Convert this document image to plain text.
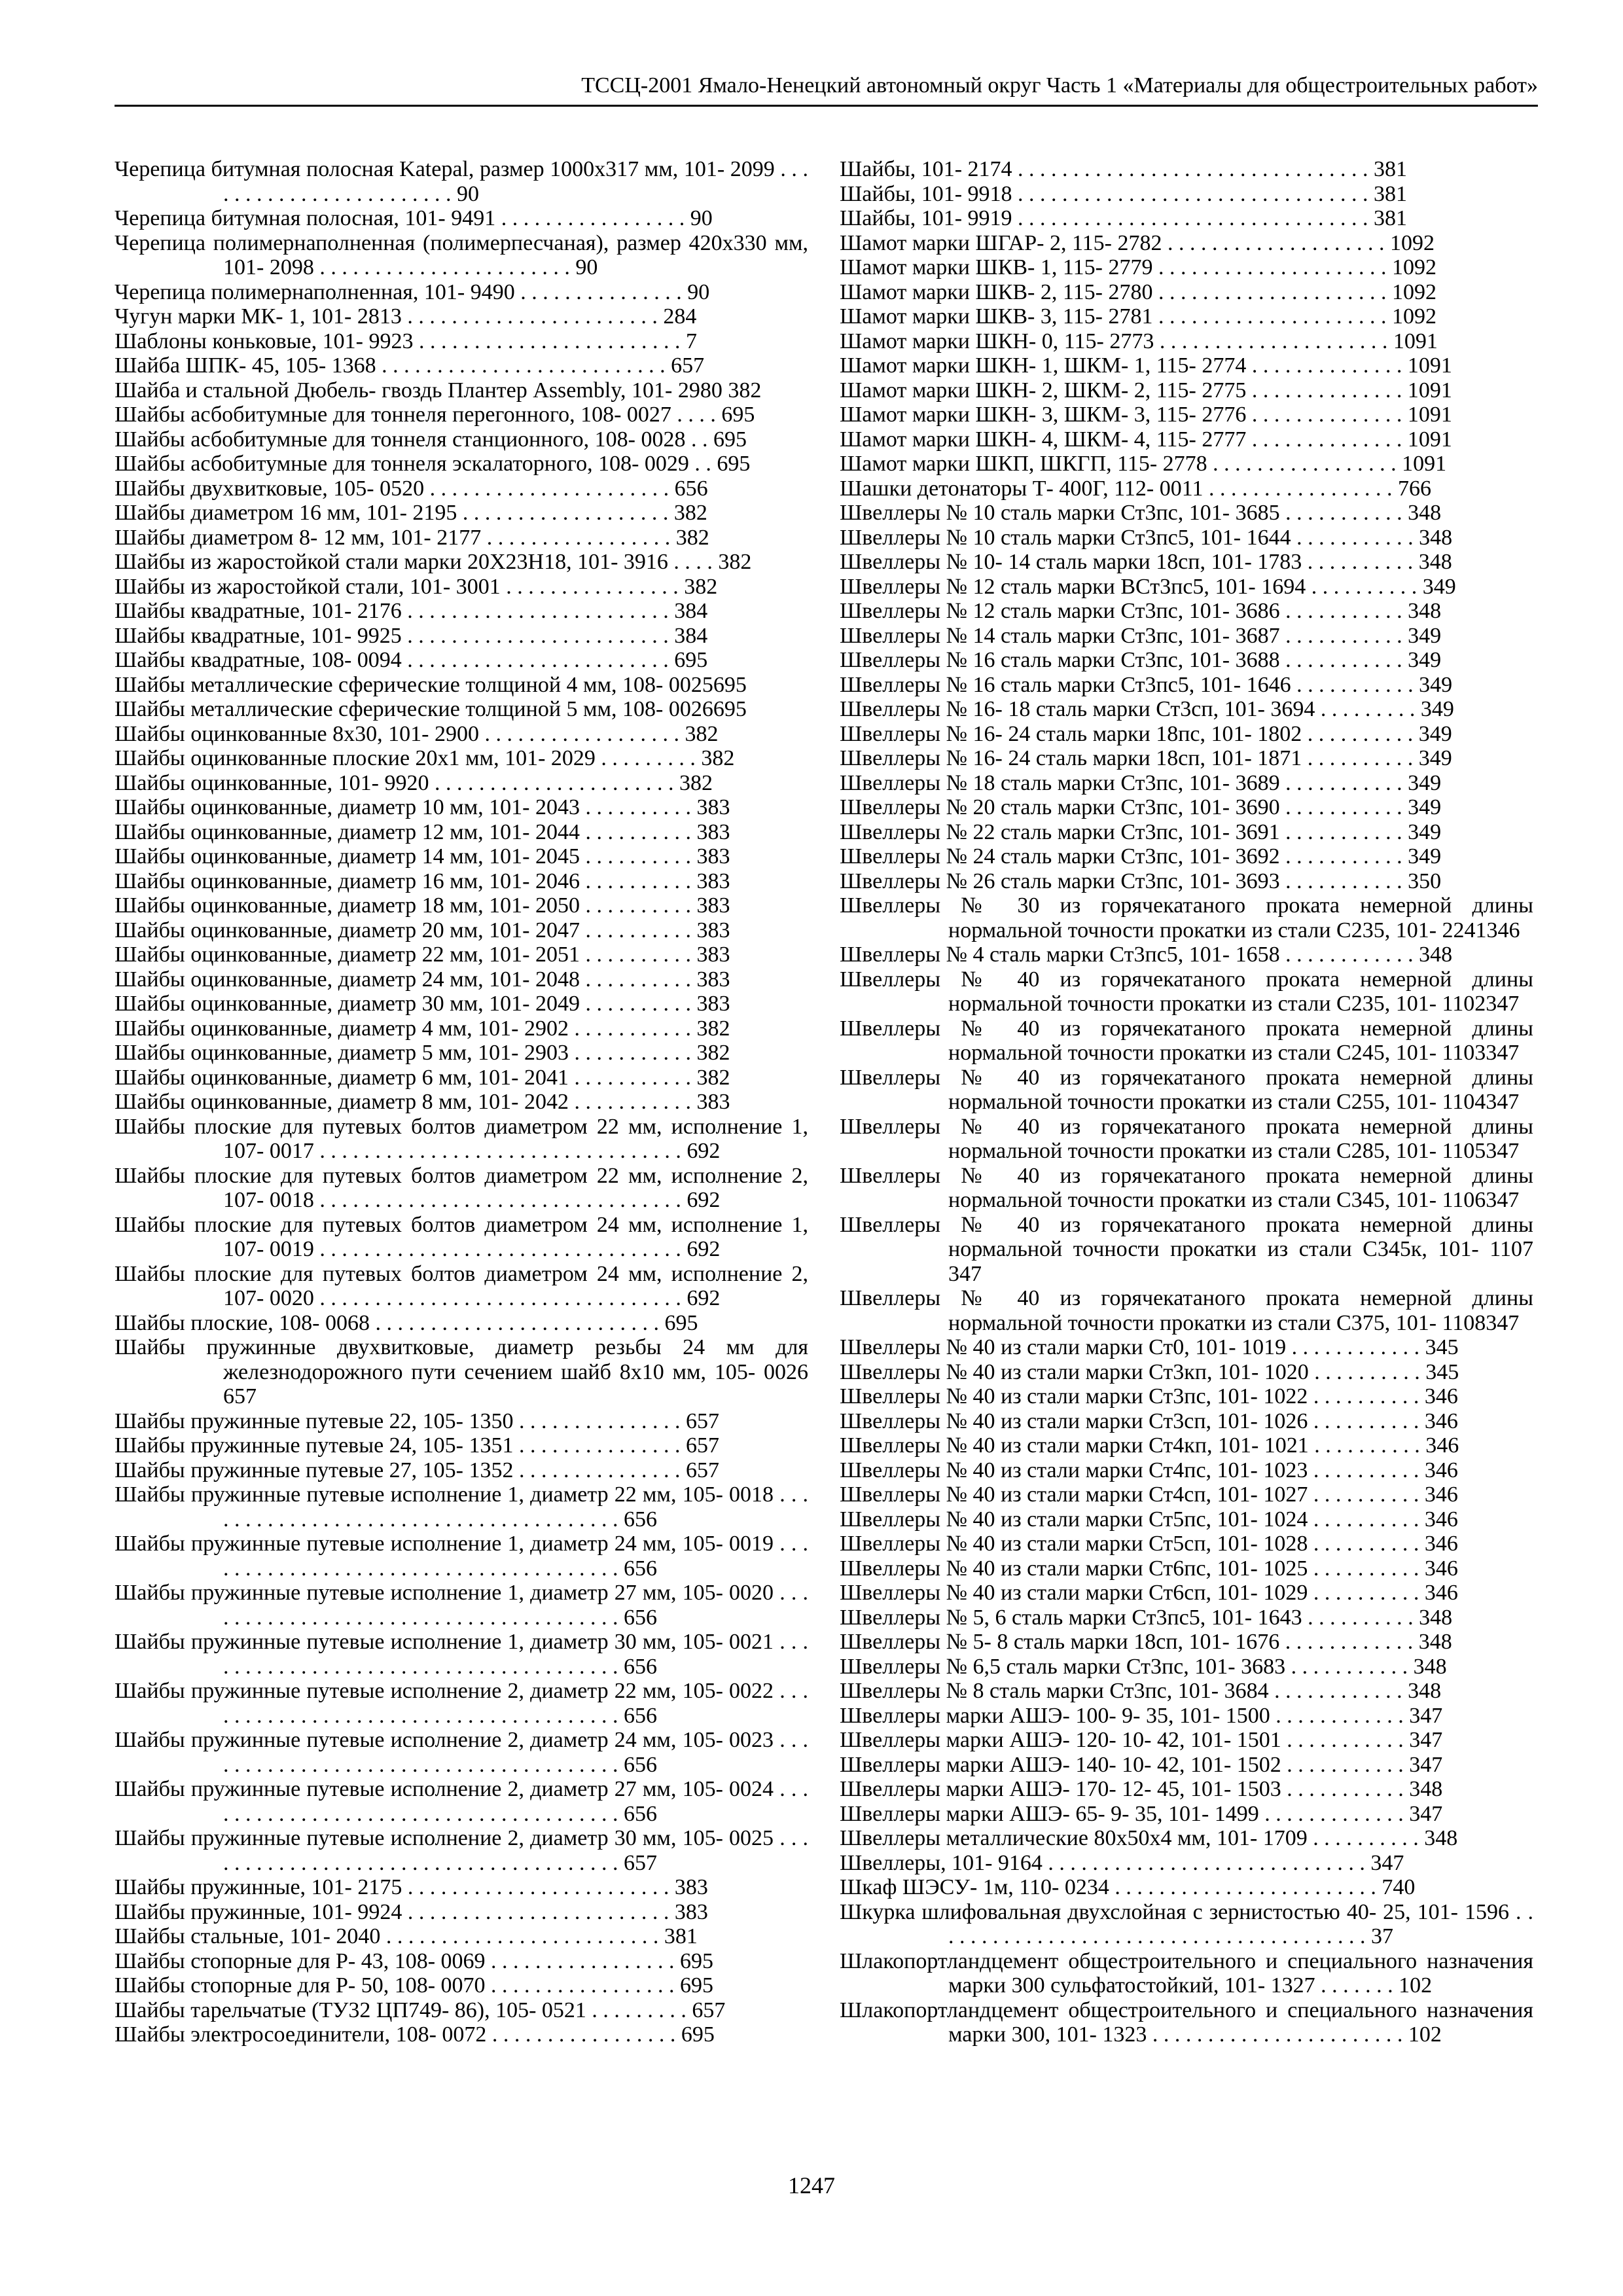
ТССЦ-2001 Ямало-Ненецкий автономный округ Часть 1 «Материалы для общестроительных работ»
Черепица битумная полосная Katepal, размер 1000x317 мм, 101- 2099 . . . . . . . . . . . . . . . . . . . . . . . . 90
Черепица битумная полосная, 101- 9491 . . . . . . . . . . . . . . . . . 90
Черепица полимернаполненная (полимерпесчаная), размер 420x330 мм, 101- 2098 . . . . . . . . . . . . . . . . . . . . . . . 90
Черепица полимернаполненная, 101- 9490 . . . . . . . . . . . . . . . 90
Чугун марки МК- 1, 101- 2813 . . . . . . . . . . . . . . . . . . . . . . . 284
Шаблоны коньковые, 101- 9923 . . . . . . . . . . . . . . . . . . . . . . . . 7
Шайба ШПК- 45, 105- 1368 . . . . . . . . . . . . . . . . . . . . . . . . . . 657
Шайба и стальной Дюбель- гвоздь Плантер Assembly, 101- 2980 382
Шайбы асбобитумные для тоннеля перегонного, 108- 0027 . . . . 695
Шайбы асбобитумные для тоннеля станционного, 108- 0028 . . 695
Шайбы асбобитумные для тоннеля эскалаторного, 108- 0029 . . 695
Шайбы двухвитковые, 105- 0520 . . . . . . . . . . . . . . . . . . . . . . 656
Шайбы диаметром 16 мм, 101- 2195 . . . . . . . . . . . . . . . . . . . 382
Шайбы диаметром 8- 12 мм, 101- 2177 . . . . . . . . . . . . . . . . . 382
Шайбы из жаростойкой стали марки 20Х23Н18, 101- 3916 . . . . 382
Шайбы из жаростойкой стали, 101- 3001 . . . . . . . . . . . . . . . . 382
Шайбы квадратные, 101- 2176 . . . . . . . . . . . . . . . . . . . . . . . . 384
Шайбы квадратные, 101- 9925 . . . . . . . . . . . . . . . . . . . . . . . . 384
Шайбы квадратные, 108- 0094 . . . . . . . . . . . . . . . . . . . . . . . . 695
Шайбы металлические сферические толщиной 4 мм, 108- 0025695
Шайбы металлические сферические толщиной 5 мм, 108- 0026695
Шайбы оцинкованные 8x30, 101- 2900 . . . . . . . . . . . . . . . . . . 382
Шайбы оцинкованные плоские 20x1 мм, 101- 2029 . . . . . . . . . 382
Шайбы оцинкованные, 101- 9920 . . . . . . . . . . . . . . . . . . . . . . 382
Шайбы оцинкованные, диаметр 10 мм, 101- 2043 . . . . . . . . . . 383
Шайбы оцинкованные, диаметр 12 мм, 101- 2044 . . . . . . . . . . 383
Шайбы оцинкованные, диаметр 14 мм, 101- 2045 . . . . . . . . . . 383
Шайбы оцинкованные, диаметр 16 мм, 101- 2046 . . . . . . . . . . 383
Шайбы оцинкованные, диаметр 18 мм, 101- 2050 . . . . . . . . . . 383
Шайбы оцинкованные, диаметр 20 мм, 101- 2047 . . . . . . . . . . 383
Шайбы оцинкованные, диаметр 22 мм, 101- 2051 . . . . . . . . . . 383
Шайбы оцинкованные, диаметр 24 мм, 101- 2048 . . . . . . . . . . 383
Шайбы оцинкованные, диаметр 30 мм, 101- 2049 . . . . . . . . . . 383
Шайбы оцинкованные, диаметр 4 мм, 101- 2902 . . . . . . . . . . . 382
Шайбы оцинкованные, диаметр 5 мм, 101- 2903 . . . . . . . . . . . 382
Шайбы оцинкованные, диаметр 6 мм, 101- 2041 . . . . . . . . . . . 382
Шайбы оцинкованные, диаметр 8 мм, 101- 2042 . . . . . . . . . . . 383
Шайбы плоские для путевых болтов диаметром 22 мм, исполнение 1, 107- 0017 . . . . . . . . . . . . . . . . . . . . . . . . . . . . . . . . . 692
Шайбы плоские для путевых болтов диаметром 22 мм, исполнение 2, 107- 0018 . . . . . . . . . . . . . . . . . . . . . . . . . . . . . . . . . 692
Шайбы плоские для путевых болтов диаметром 24 мм, исполнение 1, 107- 0019 . . . . . . . . . . . . . . . . . . . . . . . . . . . . . . . . . 692
Шайбы плоские для путевых болтов диаметром 24 мм, исполнение 2, 107- 0020 . . . . . . . . . . . . . . . . . . . . . . . . . . . . . . . . . 692
Шайбы плоские, 108- 0068 . . . . . . . . . . . . . . . . . . . . . . . . . . 695
Шайбы пружинные двухвитковые, диаметр резьбы 24 мм для железнодорожного пути сечением шайб 8x10 мм, 105- 0026 657
Шайбы пружинные путевые 22, 105- 1350 . . . . . . . . . . . . . . . 657
Шайбы пружинные путевые 24, 105- 1351 . . . . . . . . . . . . . . . 657
Шайбы пружинные путевые 27, 105- 1352 . . . . . . . . . . . . . . . 657
Шайбы пружинные путевые исполнение 1, диаметр 22 мм, 105- 0018 . . . . . . . . . . . . . . . . . . . . . . . . . . . . . . . . . . . . . . . 656
Шайбы пружинные путевые исполнение 1, диаметр 24 мм, 105- 0019 . . . . . . . . . . . . . . . . . . . . . . . . . . . . . . . . . . . . . . . 656
Шайбы пружинные путевые исполнение 1, диаметр 27 мм, 105- 0020 . . . . . . . . . . . . . . . . . . . . . . . . . . . . . . . . . . . . . . . 656
Шайбы пружинные путевые исполнение 1, диаметр 30 мм, 105- 0021 . . . . . . . . . . . . . . . . . . . . . . . . . . . . . . . . . . . . . . . 656
Шайбы пружинные путевые исполнение 2, диаметр 22 мм, 105- 0022 . . . . . . . . . . . . . . . . . . . . . . . . . . . . . . . . . . . . . . . 656
Шайбы пружинные путевые исполнение 2, диаметр 24 мм, 105- 0023 . . . . . . . . . . . . . . . . . . . . . . . . . . . . . . . . . . . . . . . 656
Шайбы пружинные путевые исполнение 2, диаметр 27 мм, 105- 0024 . . . . . . . . . . . . . . . . . . . . . . . . . . . . . . . . . . . . . . . 656
Шайбы пружинные путевые исполнение 2, диаметр 30 мм, 105- 0025 . . . . . . . . . . . . . . . . . . . . . . . . . . . . . . . . . . . . . . . 657
Шайбы пружинные, 101- 2175 . . . . . . . . . . . . . . . . . . . . . . . . 383
Шайбы пружинные, 101- 9924 . . . . . . . . . . . . . . . . . . . . . . . . 383
Шайбы стальные, 101- 2040 . . . . . . . . . . . . . . . . . . . . . . . . . 381
Шайбы стопорные для Р- 43, 108- 0069 . . . . . . . . . . . . . . . . . 695
Шайбы стопорные для Р- 50, 108- 0070 . . . . . . . . . . . . . . . . . 695
Шайбы тарельчатые (ТУ32 ЦП749- 86), 105- 0521 . . . . . . . . . 657
Шайбы электросоединители, 108- 0072 . . . . . . . . . . . . . . . . . 695
Шайбы, 101- 2174 . . . . . . . . . . . . . . . . . . . . . . . . . . . . . . . . 381
Шайбы, 101- 9918 . . . . . . . . . . . . . . . . . . . . . . . . . . . . . . . . 381
Шайбы, 101- 9919 . . . . . . . . . . . . . . . . . . . . . . . . . . . . . . . . 381
Шамот марки ШГАР- 2, 115- 2782 . . . . . . . . . . . . . . . . . . . . 1092
Шамот марки ШКВ- 1, 115- 2779 . . . . . . . . . . . . . . . . . . . . . 1092
Шамот марки ШКВ- 2, 115- 2780 . . . . . . . . . . . . . . . . . . . . . 1092
Шамот марки ШКВ- 3, 115- 2781 . . . . . . . . . . . . . . . . . . . . . 1092
Шамот марки ШКН- 0, 115- 2773 . . . . . . . . . . . . . . . . . . . . . 1091
Шамот марки ШКН- 1, ШКМ- 1, 115- 2774 . . . . . . . . . . . . . . 1091
Шамот марки ШКН- 2, ШКМ- 2, 115- 2775 . . . . . . . . . . . . . . 1091
Шамот марки ШКН- 3, ШКМ- 3, 115- 2776 . . . . . . . . . . . . . . 1091
Шамот марки ШКН- 4, ШКМ- 4, 115- 2777 . . . . . . . . . . . . . . 1091
Шамот марки ШКП, ШКГП, 115- 2778 . . . . . . . . . . . . . . . . . 1091
Шашки детонаторы Т- 400Г, 112- 0011 . . . . . . . . . . . . . . . . . 766
Швеллеры № 10 сталь марки Ст3пс, 101- 3685 . . . . . . . . . . . 348
Швеллеры № 10 сталь марки Ст3пс5, 101- 1644 . . . . . . . . . . . 348
Швеллеры № 10- 14 сталь марки 18сп, 101- 1783 . . . . . . . . . . 348
Швеллеры № 12 сталь марки ВСт3пс5, 101- 1694 . . . . . . . . . . 349
Швеллеры № 12 сталь марки Ст3пс, 101- 3686 . . . . . . . . . . . 348
Швеллеры № 14 сталь марки Ст3пс, 101- 3687 . . . . . . . . . . . 349
Швеллеры № 16 сталь марки Ст3пс, 101- 3688 . . . . . . . . . . . 349
Швеллеры № 16 сталь марки Ст3пс5, 101- 1646 . . . . . . . . . . . 349
Швеллеры № 16- 18 сталь марки Ст3сп, 101- 3694 . . . . . . . . . 349
Швеллеры № 16- 24 сталь марки 18пс, 101- 1802 . . . . . . . . . . 349
Швеллеры № 16- 24 сталь марки 18сп, 101- 1871 . . . . . . . . . . 349
Швеллеры № 18 сталь марки Ст3пс, 101- 3689 . . . . . . . . . . . 349
Швеллеры № 20 сталь марки Ст3пс, 101- 3690 . . . . . . . . . . . 349
Швеллеры № 22 сталь марки Ст3пс, 101- 3691 . . . . . . . . . . . 349
Швеллеры № 24 сталь марки Ст3пс, 101- 3692 . . . . . . . . . . . 349
Швеллеры № 26 сталь марки Ст3пс, 101- 3693 . . . . . . . . . . . 350
Швеллеры № 30 из горячекатаного проката немерной длины нормальной точности прокатки из стали С235, 101- 2241346
Швеллеры № 4 сталь марки Ст3пс5, 101- 1658 . . . . . . . . . . . . 348
Швеллеры № 40 из горячекатаного проката немерной длины нормальной точности прокатки из стали С235, 101- 1102347
Швеллеры № 40 из горячекатаного проката немерной длины нормальной точности прокатки из стали С245, 101- 1103347
Швеллеры № 40 из горячекатаного проката немерной длины нормальной точности прокатки из стали С255, 101- 1104347
Швеллеры № 40 из горячекатаного проката немерной длины нормальной точности прокатки из стали С285, 101- 1105347
Швеллеры № 40 из горячекатаного проката немерной длины нормальной точности прокатки из стали С345, 101- 1106347
Швеллеры № 40 из горячекатаного проката немерной длины нормальной точности прокатки из стали С345к, 101- 1107 347
Швеллеры № 40 из горячекатаного проката немерной длины нормальной точности прокатки из стали С375, 101- 1108347
Швеллеры № 40 из стали марки Ст0, 101- 1019 . . . . . . . . . . . . 345
Швеллеры № 40 из стали марки Ст3кп, 101- 1020 . . . . . . . . . . 345
Швеллеры № 40 из стали марки Ст3пс, 101- 1022 . . . . . . . . . . 346
Швеллеры № 40 из стали марки Ст3сп, 101- 1026 . . . . . . . . . . 346
Швеллеры № 40 из стали марки Ст4кп, 101- 1021 . . . . . . . . . . 346
Швеллеры № 40 из стали марки Ст4пс, 101- 1023 . . . . . . . . . . 346
Швеллеры № 40 из стали марки Ст4сп, 101- 1027 . . . . . . . . . . 346
Швеллеры № 40 из стали марки Ст5пс, 101- 1024 . . . . . . . . . . 346
Швеллеры № 40 из стали марки Ст5сп, 101- 1028 . . . . . . . . . . 346
Швеллеры № 40 из стали марки Ст6пс, 101- 1025 . . . . . . . . . . 346
Швеллеры № 40 из стали марки Ст6сп, 101- 1029 . . . . . . . . . . 346
Швеллеры № 5, 6 сталь марки Ст3пс5, 101- 1643 . . . . . . . . . . 348
Швеллеры № 5- 8 сталь марки 18сп, 101- 1676 . . . . . . . . . . . . 348
Швеллеры № 6,5 сталь марки Ст3пс, 101- 3683 . . . . . . . . . . . 348
Швеллеры № 8 сталь марки Ст3пс, 101- 3684 . . . . . . . . . . . . 348
Швеллеры марки АШЭ- 100- 9- 35, 101- 1500 . . . . . . . . . . . . 347
Швеллеры марки АШЭ- 120- 10- 42, 101- 1501 . . . . . . . . . . . 347
Швеллеры марки АШЭ- 140- 10- 42, 101- 1502 . . . . . . . . . . . 347
Швеллеры марки АШЭ- 170- 12- 45, 101- 1503 . . . . . . . . . . . 348
Швеллеры марки АШЭ- 65- 9- 35, 101- 1499 . . . . . . . . . . . . . 347
Швеллеры металлические 80x50x4 мм, 101- 1709 . . . . . . . . . . 348
Швеллеры, 101- 9164 . . . . . . . . . . . . . . . . . . . . . . . . . . . . . 347
Шкаф ШЭСУ- 1м, 110- 0234 . . . . . . . . . . . . . . . . . . . . . . . . 740
Шкурка шлифовальная двухслойная с зернистостью 40- 25, 101- 1596 . . . . . . . . . . . . . . . . . . . . . . . . . . . . . . . . . . . . . . . . 37
Шлакопортландцемент общестроительного и специального назначения марки 300 сульфатостойкий, 101- 1327 . . . . . . . 102
Шлакопортландцемент общестроительного и специального назначения марки 300, 101- 1323 . . . . . . . . . . . . . . . . . . . . . . . 102
1247
